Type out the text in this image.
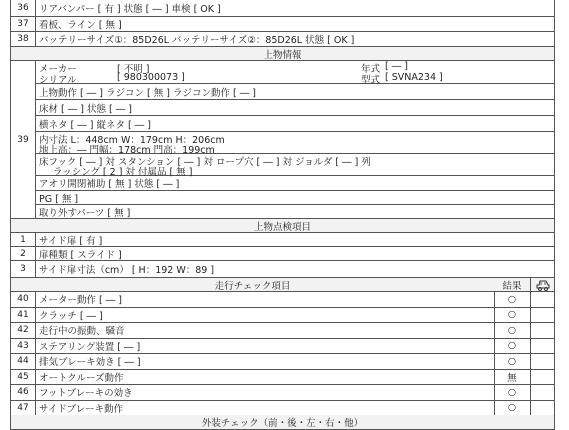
36	リアバンパー [ 有 ] 状態 [ ― ] 車検 [ OK ]
37	看板、ライン [ 無 ]
38	バッテリーサイズ①：85D26L バッテリーサイズ②：85D26L 状態 [ OK ]
上物情報
39
メーカー	[ 不明 ]	年式 [ ― ]
シリアル	[ 980300073 ]	型式 [ SVNA234 ]
上物動作 [ ― ] ラジコン [ 無 ] ラジコン動作 [ ― ]
床材 [ ― ] 状態 [ ― ]
横ネタ [ ― ] 縦ネタ [ ― ]
内寸法 L：448cm W：179cm H：206cm
地上高：― 門幅：178cm 門高：199cm
床フック [ ― ] 対 スタンション [ ― ] 対 ロープ穴 [ ― ] 対 ジョルダ [ ― ] 列
ラッシング [ 2 ] 対 付属品 [ 無 ]
アオリ開閉補助 [ 無 ] 状態 [ ― ]
PG [ 無 ]
取り外すパーツ [ 無 ]
上物点検項目
1	サイド扉 [ 有 ]
2	扉種類 [ スライド ]
3	サイド扉寸法（cm） [ H：192 W：89 ]
走行チェック項目	結果
40	メーター動作 [ ― ]	○
41	クラッチ [ ― ]	○
42	走行中の振動、騒音	○
43	ステアリング装置 [ ― ]	○
44	排気ブレーキ効き [ ― ]	○
45	オートクルーズ動作	無
46	フットブレーキの効き	○
47	サイドブレーキ動作	○
外装チェック（前・後・左・右・他）
